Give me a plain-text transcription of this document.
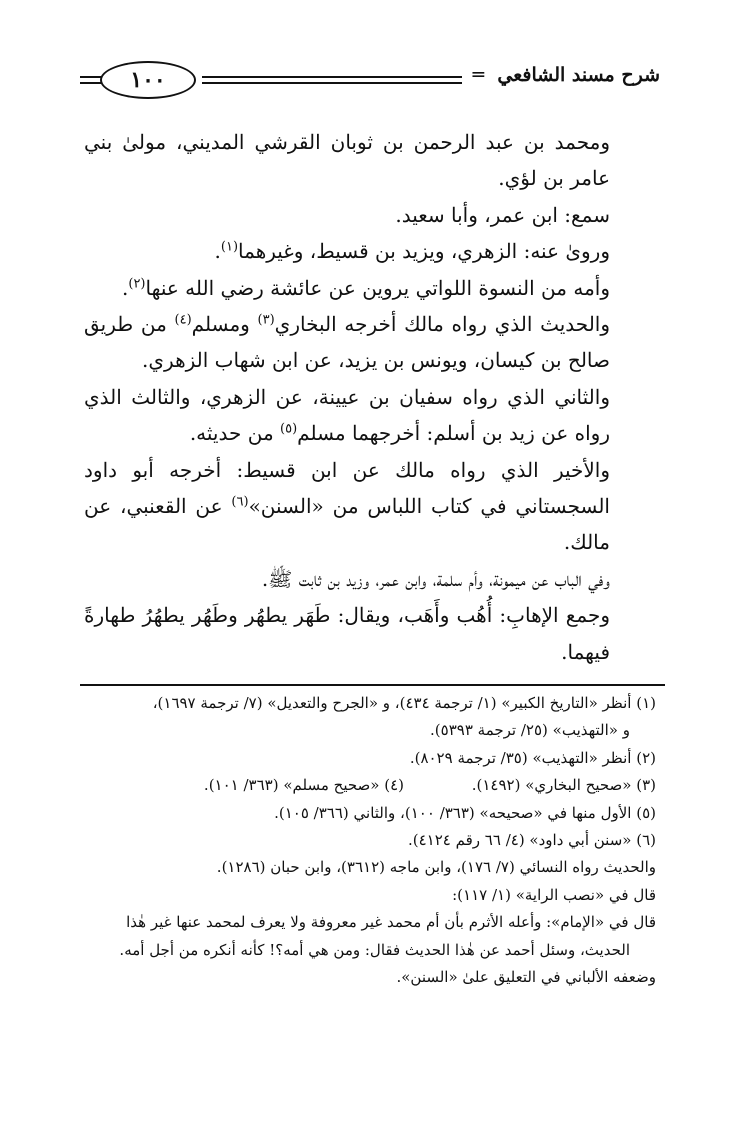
١٠٠	شرح مسند الشافعي  ═

ومحمد بن عبد الرحمن بن ثوبان القرشي المديني، مولىٰ بني عامر بن لؤي.

سمع: ابن عمر، وأبا سعيد.

ورویٰ عنه: الزهري، ويزيد بن قسيط، وغيرهما$^{(١)}$.

وأمه من النسوة اللواتي يروين عن عائشة رضي الله عنها$^{(٢)}$.

والحديث الذي رواه مالك أخرجه البخاري$^{(٣)}$ ومسلم$^{(٤)}$ من طريق صالح بن كيسان، ويونس بن يزيد، عن ابن شهاب الزهري.

والثاني الذي رواه سفيان بن عيينة، عن الزهري، والثالث الذي رواه عن زيد بن أسلم: أخرجهما مسلم$^{(٥)}$ من حديثه.

والأخير الذي رواه مالك عن ابن قسيط: أخرجه أبو داود السجستاني في كتاب اللباس من «السنن»$^{(٦)}$ عن القعنبي، عن مالك.

وفي الباب عن ميمونة، وأم سلمة، وابن عمر، وزيد بن ثابت ﷺ.

وجمع الإهابِ: أُهُب وأَهَب، ويقال: طَهَر يطهُر وطَهُر يطهُرُ طهارةً فيهما.

(١) أنظر «التاريخ الكبير» (١/ ترجمة ٤٣٤)، و «الجرح والتعديل» (٧/ ترجمة ١٦٩٧)،

و «التهذيب» (٢٥/ ترجمة ٥٣٩٣).

(٢) أنظر «التهذيب» (٣٥/ ترجمة ٨٠٢٩).

(٣) «صحيح البخاري» (١٤٩٢).
(٤) «صحيح مسلم» (٣٦٣/ ١٠١).

(٥) الأول منها في «صحيحه» (٣٦٣/ ١٠٠)، والثاني (٣٦٦/ ١٠٥).

(٦) «سنن أبي داود» (٤/ ٦٦ رقم ٤١٢٤).

والحديث رواه النسائي (٧/ ١٧٦)، وابن ماجه (٣٦١٢)، وابن حبان (١٢٨٦).

قال في «نصب الراية» (١/ ١١٧):

قال في «الإمام»: وأعله الأثرم بأن أم محمد غير معروفة ولا يعرف لمحمد عنها غير هٰذا

الحديث، وسئل أحمد عن هٰذا الحديث فقال: ومن هي أمه؟! كأنه أنكره من أجل أمه.

وضعفه الألباني في التعليق علىٰ «السنن».
